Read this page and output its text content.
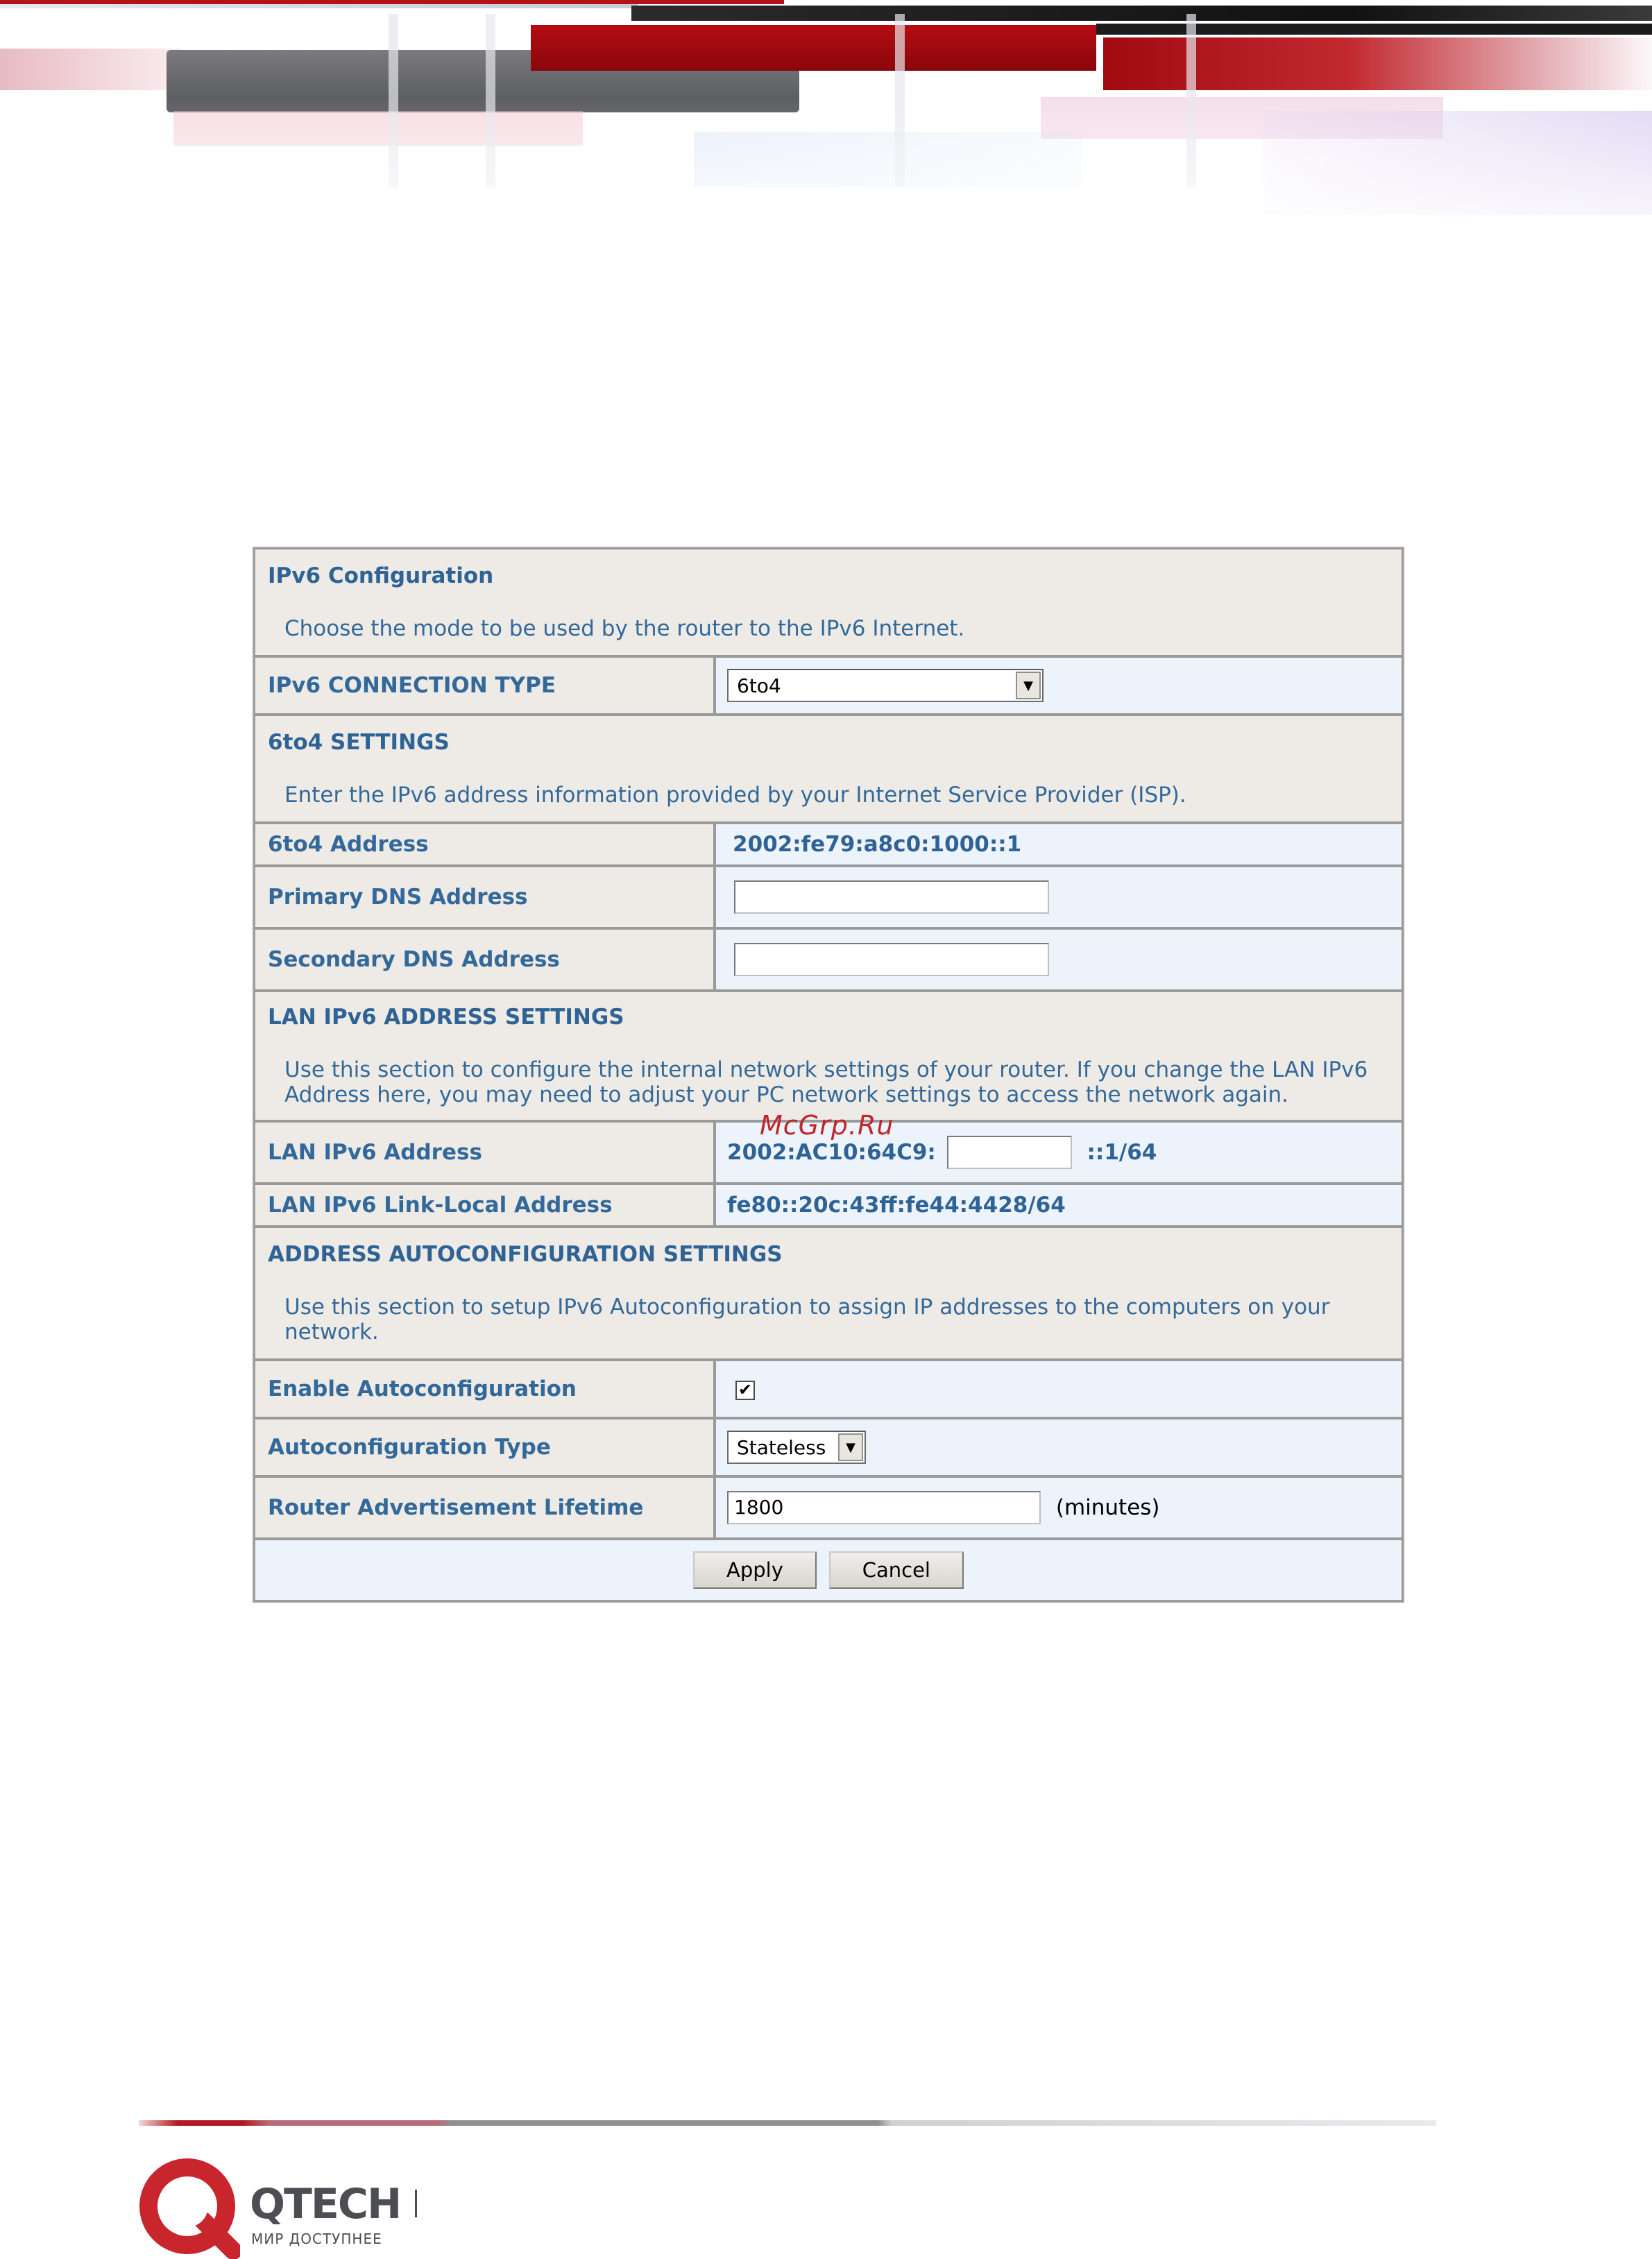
IPv6 Configuration
Choose the mode to be used by the router to the IPv6 Internet.	

IPv6 CONNECTION TYPE	6to4 ▼

6to4 SETTINGS
Enter the IPv6 address information provided by your Internet Service Provider (ISP).	

6to4 Address	2002:fe79:a8c0:1000::1
Primary DNS Address	
Secondary DNS Address	

LAN IPv6 ADDRESS SETTINGS
Use this section to configure the internal network settings of your router. If you change the LAN IPv6
Address here, you may need to adjust your PC network settings to access the network again.	

LAN IPv6 Address	2002:AC10:64C9: ::1/64
LAN IPv6 Link-Local Address	fe80::20c:43ff:fe44:4428/64

ADDRESS AUTOCONFIGURATION SETTINGS
Use this section to setup IPv6 Autoconfiguration to assign IP addresses to the computers on your
network.	

Enable Autoconfiguration	✔
Autoconfiguration Type	Stateless ▼

Router Advertisement Lifetime	1800 (minutes)
Apply Cancel	
McGrp.Ru
QTECH
МИР ДОСТУПНЕЕ
